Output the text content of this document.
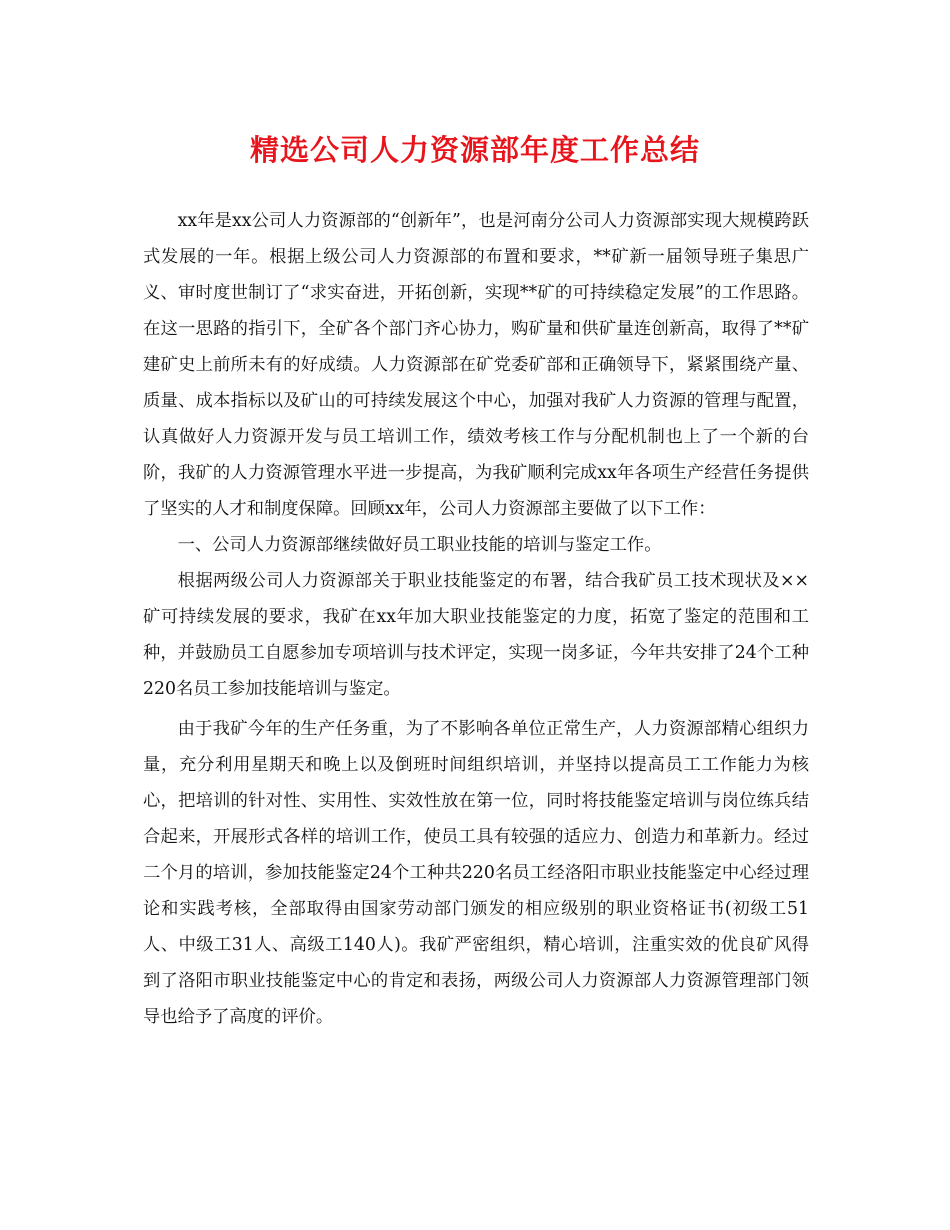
精选公司人力资源部年度工作总结

xx年是xx公司人力资源部的“创新年”，也是河南分公司人力资源部实现大规模跨跃式发展的一年。根据上级公司人力资源部的布置和要求，**矿新一届领导班子集思广义、审时度世制订了“求实奋进，开拓创新，实现**矿的可持续稳定发展”的工作思路。在这一思路的指引下，全矿各个部门齐心协力，购矿量和供矿量连创新高，取得了**矿建矿史上前所未有的好成绩。人力资源部在矿党委矿部和正确领导下，紧紧围绕产量、质量、成本指标以及矿山的可持续发展这个中心，加强对我矿人力资源的管理与配置，认真做好人力资源开发与员工培训工作，绩效考核工作与分配机制也上了一个新的台阶，我矿的人力资源管理水平进一步提高，为我矿顺利完成xx年各项生产经营任务提供了坚实的人才和制度保障。回顾xx年，公司人力资源部主要做了以下工作：

一、公司人力资源部继续做好员工职业技能的培训与鉴定工作。

根据两级公司人力资源部关于职业技能鉴定的布署，结合我矿员工技术现状及××矿可持续发展的要求，我矿在xx年加大职业技能鉴定的力度，拓宽了鉴定的范围和工种，并鼓励员工自愿参加专项培训与技术评定，实现一岗多证，今年共安排了24个工种220名员工参加技能培训与鉴定。

由于我矿今年的生产任务重，为了不影响各单位正常生产，人力资源部精心组织力量，充分利用星期天和晚上以及倒班时间组织培训，并坚持以提高员工工作能力为核心，把培训的针对性、实用性、实效性放在第一位，同时将技能鉴定培训与岗位练兵结合起来，开展形式各样的培训工作，使员工具有较强的适应力、创造力和革新力。经过二个月的培训，参加技能鉴定24个工种共220名员工经洛阳市职业技能鉴定中心经过理论和实践考核，全部取得由国家劳动部门颁发的相应级别的职业资格证书(初级工51人、中级工31人、高级工140人)。我矿严密组织，精心培训，注重实效的优良矿风得到了洛阳市职业技能鉴定中心的肯定和表扬，两级公司人力资源部人力资源管理部门领导也给予了高度的评价。
